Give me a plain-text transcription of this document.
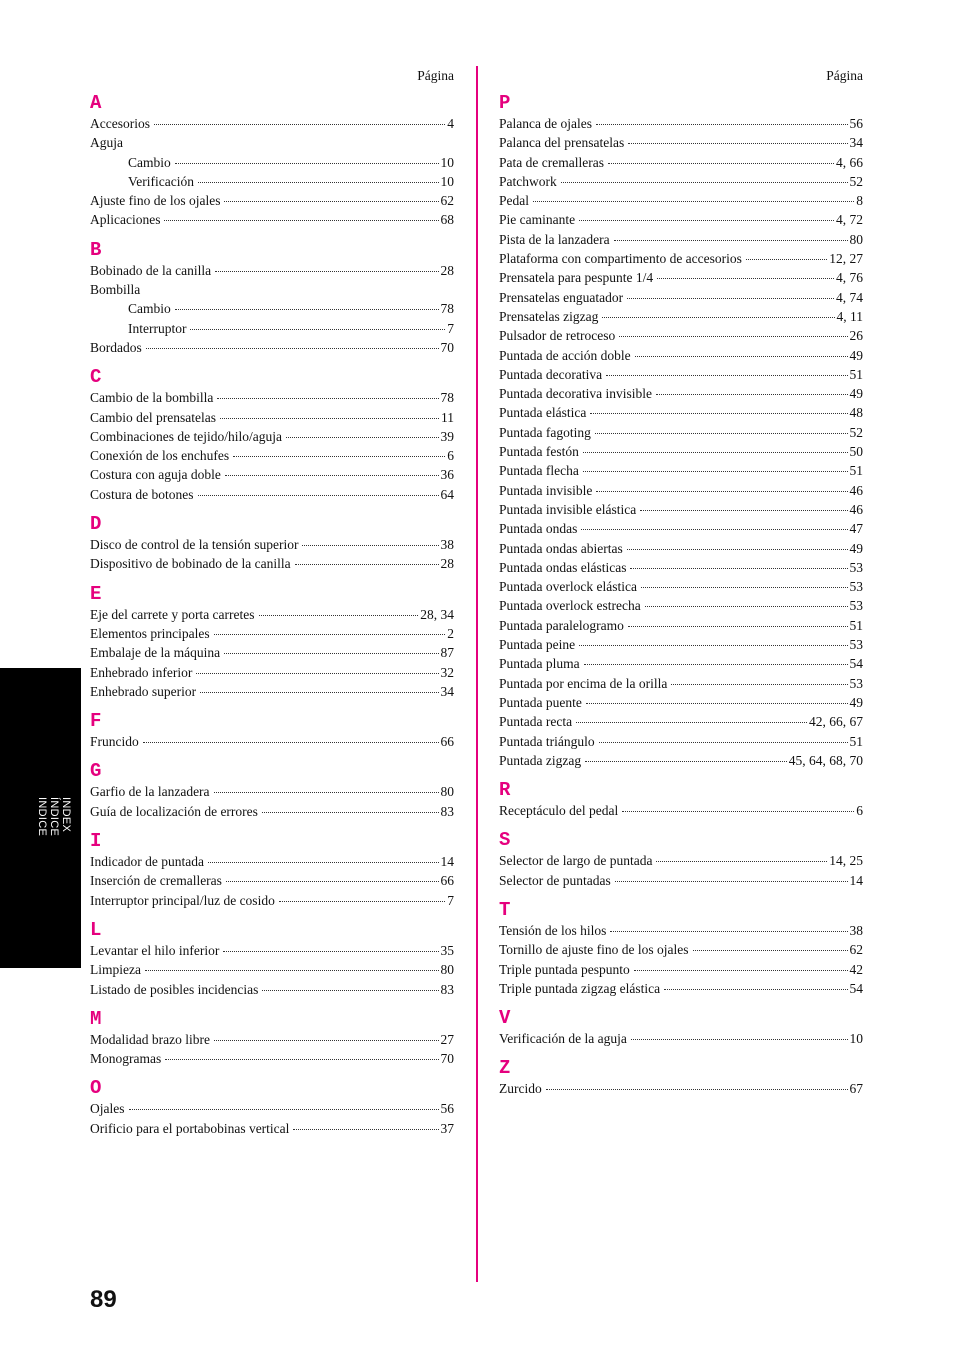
Página
A
Accesorios	4
Aguja
Cambio	10
Verificación	10
Ajuste fino de los ojales	62
Aplicaciones	68
B
Bobinado de la canilla	28
Bombilla
Cambio	78
Interruptor	7
Bordados	70
C
Cambio de la bombilla	78
Cambio del prensatelas	11
Combinaciones de tejido/hilo/aguja	39
Conexión de los enchufes	6
Costura con aguja doble	36
Costura de botones	64
D
Disco de control de la tensión superior	38
Dispositivo de bobinado de la canilla	28
E
Eje del carrete y porta carretes	28, 34
Elementos principales	2
Embalaje de la máquina	87
Enhebrado inferior	32
Enhebrado superior	34
F
Fruncido	66
G
Garfio de la lanzadera	80
Guía de localización de errores	83
I
Indicador de puntada	14
Inserción de cremalleras	66
Interruptor principal/luz de cosido	7
L
Levantar el hilo inferior	35
Limpieza	80
Listado de posibles incidencias	83
M
Modalidad brazo libre	27
Monogramas	70
O
Ojales	56
Orificio para el portabobinas vertical	37
Página
P
Palanca de ojales	56
Palanca del prensatelas	34
Pata de cremalleras	4, 66
Patchwork	52
Pedal	8
Pie caminante	4, 72
Pista de la lanzadera	80
Plataforma con compartimento de accesorios	12, 27
Prensatela para pespunte 1/4	4, 76
Prensatelas enguatador	4, 74
Prensatelas zigzag	4, 11
Pulsador de retroceso	26
Puntada de acción doble	49
Puntada decorativa	51
Puntada decorativa invisible	49
Puntada elástica	48
Puntada fagoting	52
Puntada festón	50
Puntada flecha	51
Puntada invisible	46
Puntada invisible elástica	46
Puntada ondas	47
Puntada ondas abiertas	49
Puntada ondas elásticas	53
Puntada overlock elástica	53
Puntada overlock estrecha	53
Puntada paralelogramo	51
Puntada peine	53
Puntada pluma	54
Puntada por encima de la orilla	53
Puntada puente	49
Puntada recta	42, 66, 67
Puntada triángulo	51
Puntada zigzag	45, 64, 68, 70
R
Receptáculo del pedal	6
S
Selector de largo de puntada	14, 25
Selector de puntadas	14
T
Tensión de los hilos	38
Tornillo de ajuste fino de los ojales	62
Triple puntada pespunto	42
Triple puntada zigzag elástica	54
V
Verificación de la aguja	10
Z
Zurcido	67
INDEX
ÍNDICE
INDICE
89
